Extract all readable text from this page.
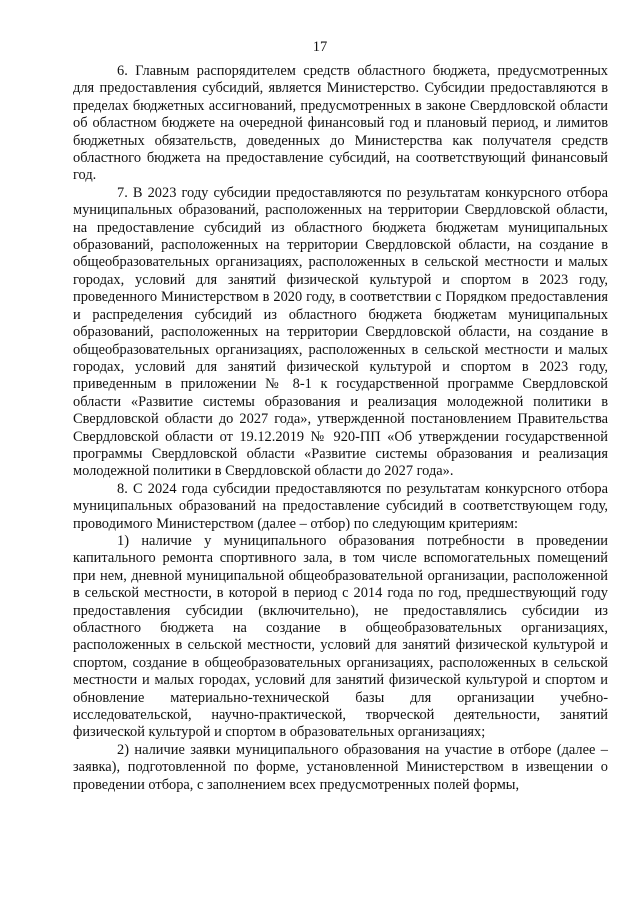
17

6. Главным распорядителем средств областного бюджета, предусмотренных для предоставления субсидий, является Министерство. Субсидии предоставляются в пределах бюджетных ассигнований, предусмотренных в законе Свердловской области об областном бюджете на очередной финансовый год и плановый период, и лимитов бюджетных обязательств, доведенных до Министерства как получателя средств областного бюджета на предоставление субсидий, на соответствующий финансовый год.

7. В 2023 году субсидии предоставляются по результатам конкурсного отбора муниципальных образований, расположенных на территории Свердловской области, на предоставление субсидий из областного бюджета бюджетам муниципальных образований, расположенных на территории Свердловской области, на создание в общеобразовательных организациях, расположенных в сельской местности и малых городах, условий для занятий физической культурой и спортом в 2023 году, проведенного Министерством в 2020 году, в соответствии с Порядком предоставления и распределения субсидий из областного бюджета бюджетам муниципальных образований, расположенных на территории Свердловской области, на создание в общеобразовательных организациях, расположенных в сельской местности и малых городах, условий для занятий физической культурой и спортом в 2023 году, приведенным в приложении № 8-1 к государственной программе Свердловской области «Развитие системы образования и реализация молодежной политики в Свердловской области до 2027 года», утвержденной постановлением Правительства Свердловской области от 19.12.2019 № 920-ПП «Об утверждении государственной программы Свердловской области «Развитие системы образования и реализация молодежной политики в Свердловской области до 2027 года».

8. С 2024 года субсидии предоставляются по результатам конкурсного отбора муниципальных образований на предоставление субсидий в соответствующем году, проводимого Министерством (далее – отбор) по следующим критериям:

1) наличие у муниципального образования потребности в проведении капитального ремонта спортивного зала, в том числе вспомогательных помещений при нем, дневной муниципальной общеобразовательной организации, расположенной в сельской местности, в которой в период с 2014 года по год, предшествующий году предоставления субсидии (включительно), не предоставлялись субсидии из областного бюджета на создание в общеобразовательных организациях, расположенных в сельской местности, условий для занятий физической культурой и спортом, создание в общеобразовательных организациях, расположенных в сельской местности и малых городах, условий для занятий физической культурой и спортом и обновление материально-технической базы для организации учебно-исследовательской, научно-практической, творческой деятельности, занятий физической культурой и спортом в образовательных организациях;

2) наличие заявки муниципального образования на участие в отборе (далее – заявка), подготовленной по форме, установленной Министерством в извещении о проведении отбора, с заполнением всех предусмотренных полей формы,
